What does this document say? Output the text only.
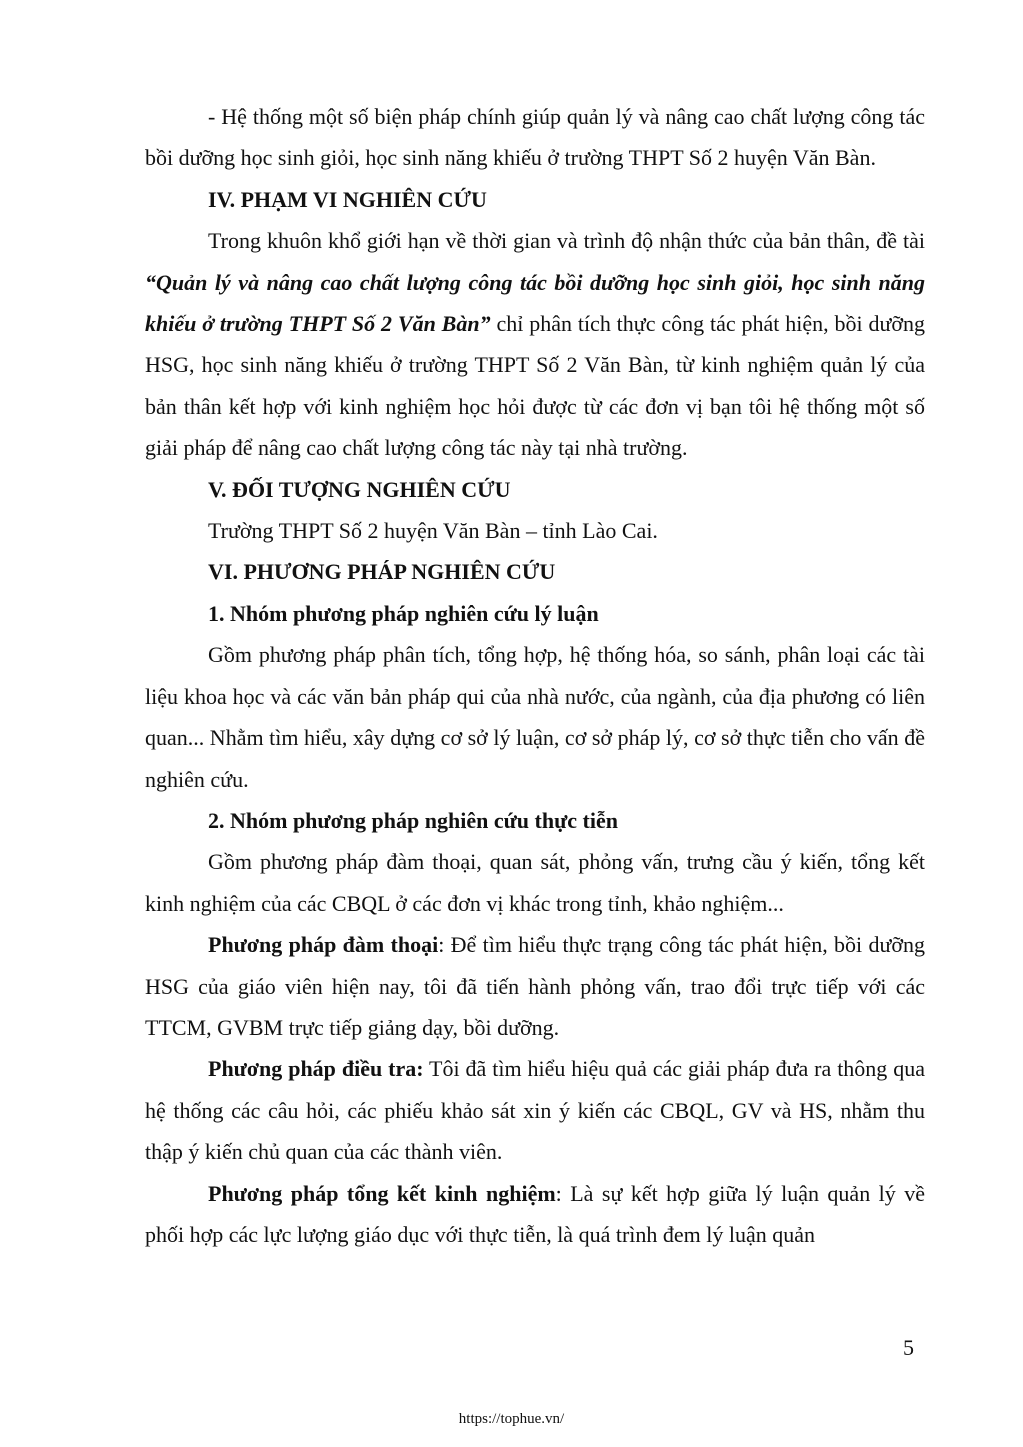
- Hệ thống một số biện pháp chính giúp quản lý và nâng cao chất lượng công tác bồi dưỡng học sinh giỏi, học sinh năng khiếu ở trường THPT Số 2 huyện Văn Bàn.

IV. PHẠM VI NGHIÊN CỨU

Trong khuôn khổ giới hạn về thời gian và trình độ nhận thức của bản thân, đề tài “Quản lý và nâng cao chất lượng công tác bồi dưỡng học sinh giỏi, học sinh năng khiếu ở trường THPT Số 2 Văn Bàn” chỉ phân tích thực công tác phát hiện, bồi dưỡng HSG, học sinh năng khiếu ở trường THPT Số 2 Văn Bàn, từ kinh nghiệm quản lý của bản thân kết hợp với kinh nghiệm học hỏi được từ các đơn vị bạn tôi hệ thống một số giải pháp để nâng cao chất lượng công tác này tại nhà trường.

V. ĐỐI TƯỢNG NGHIÊN CỨU

Trường THPT Số 2 huyện Văn Bàn – tỉnh Lào Cai.

VI. PHƯƠNG PHÁP NGHIÊN CỨU

1. Nhóm phương pháp nghiên cứu lý luận

Gồm phương pháp phân tích, tổng hợp, hệ thống hóa, so sánh, phân loại các tài liệu khoa học và các văn bản pháp qui của nhà nước, của ngành, của địa phương có liên quan... Nhằm tìm hiểu, xây dựng cơ sở lý luận, cơ sở pháp lý, cơ sở thực tiễn cho vấn đề nghiên cứu.

2. Nhóm phương pháp nghiên cứu thực tiễn

Gồm phương pháp đàm thoại, quan sát, phỏng vấn, trưng cầu ý kiến, tổng kết kinh nghiệm của các CBQL ở các đơn vị khác trong tỉnh, khảo nghiệm...

Phương pháp đàm thoại: Để tìm hiểu thực trạng công tác phát hiện, bồi dưỡng HSG của giáo viên hiện nay, tôi đã tiến hành phỏng vấn, trao đổi trực tiếp với các TTCM, GVBM trực tiếp giảng dạy, bồi dưỡng.

Phương pháp điều tra: Tôi đã tìm hiểu hiệu quả các giải pháp đưa ra thông qua hệ thống các câu hỏi, các phiếu khảo sát xin ý kiến các CBQL, GV và HS, nhằm thu thập ý kiến chủ quan của các thành viên.

Phương pháp tổng kết kinh nghiệm: Là sự kết hợp giữa lý luận quản lý về phối hợp các lực lượng giáo dục với thực tiễn, là quá trình đem lý luận quản

5
https://tophue.vn/
